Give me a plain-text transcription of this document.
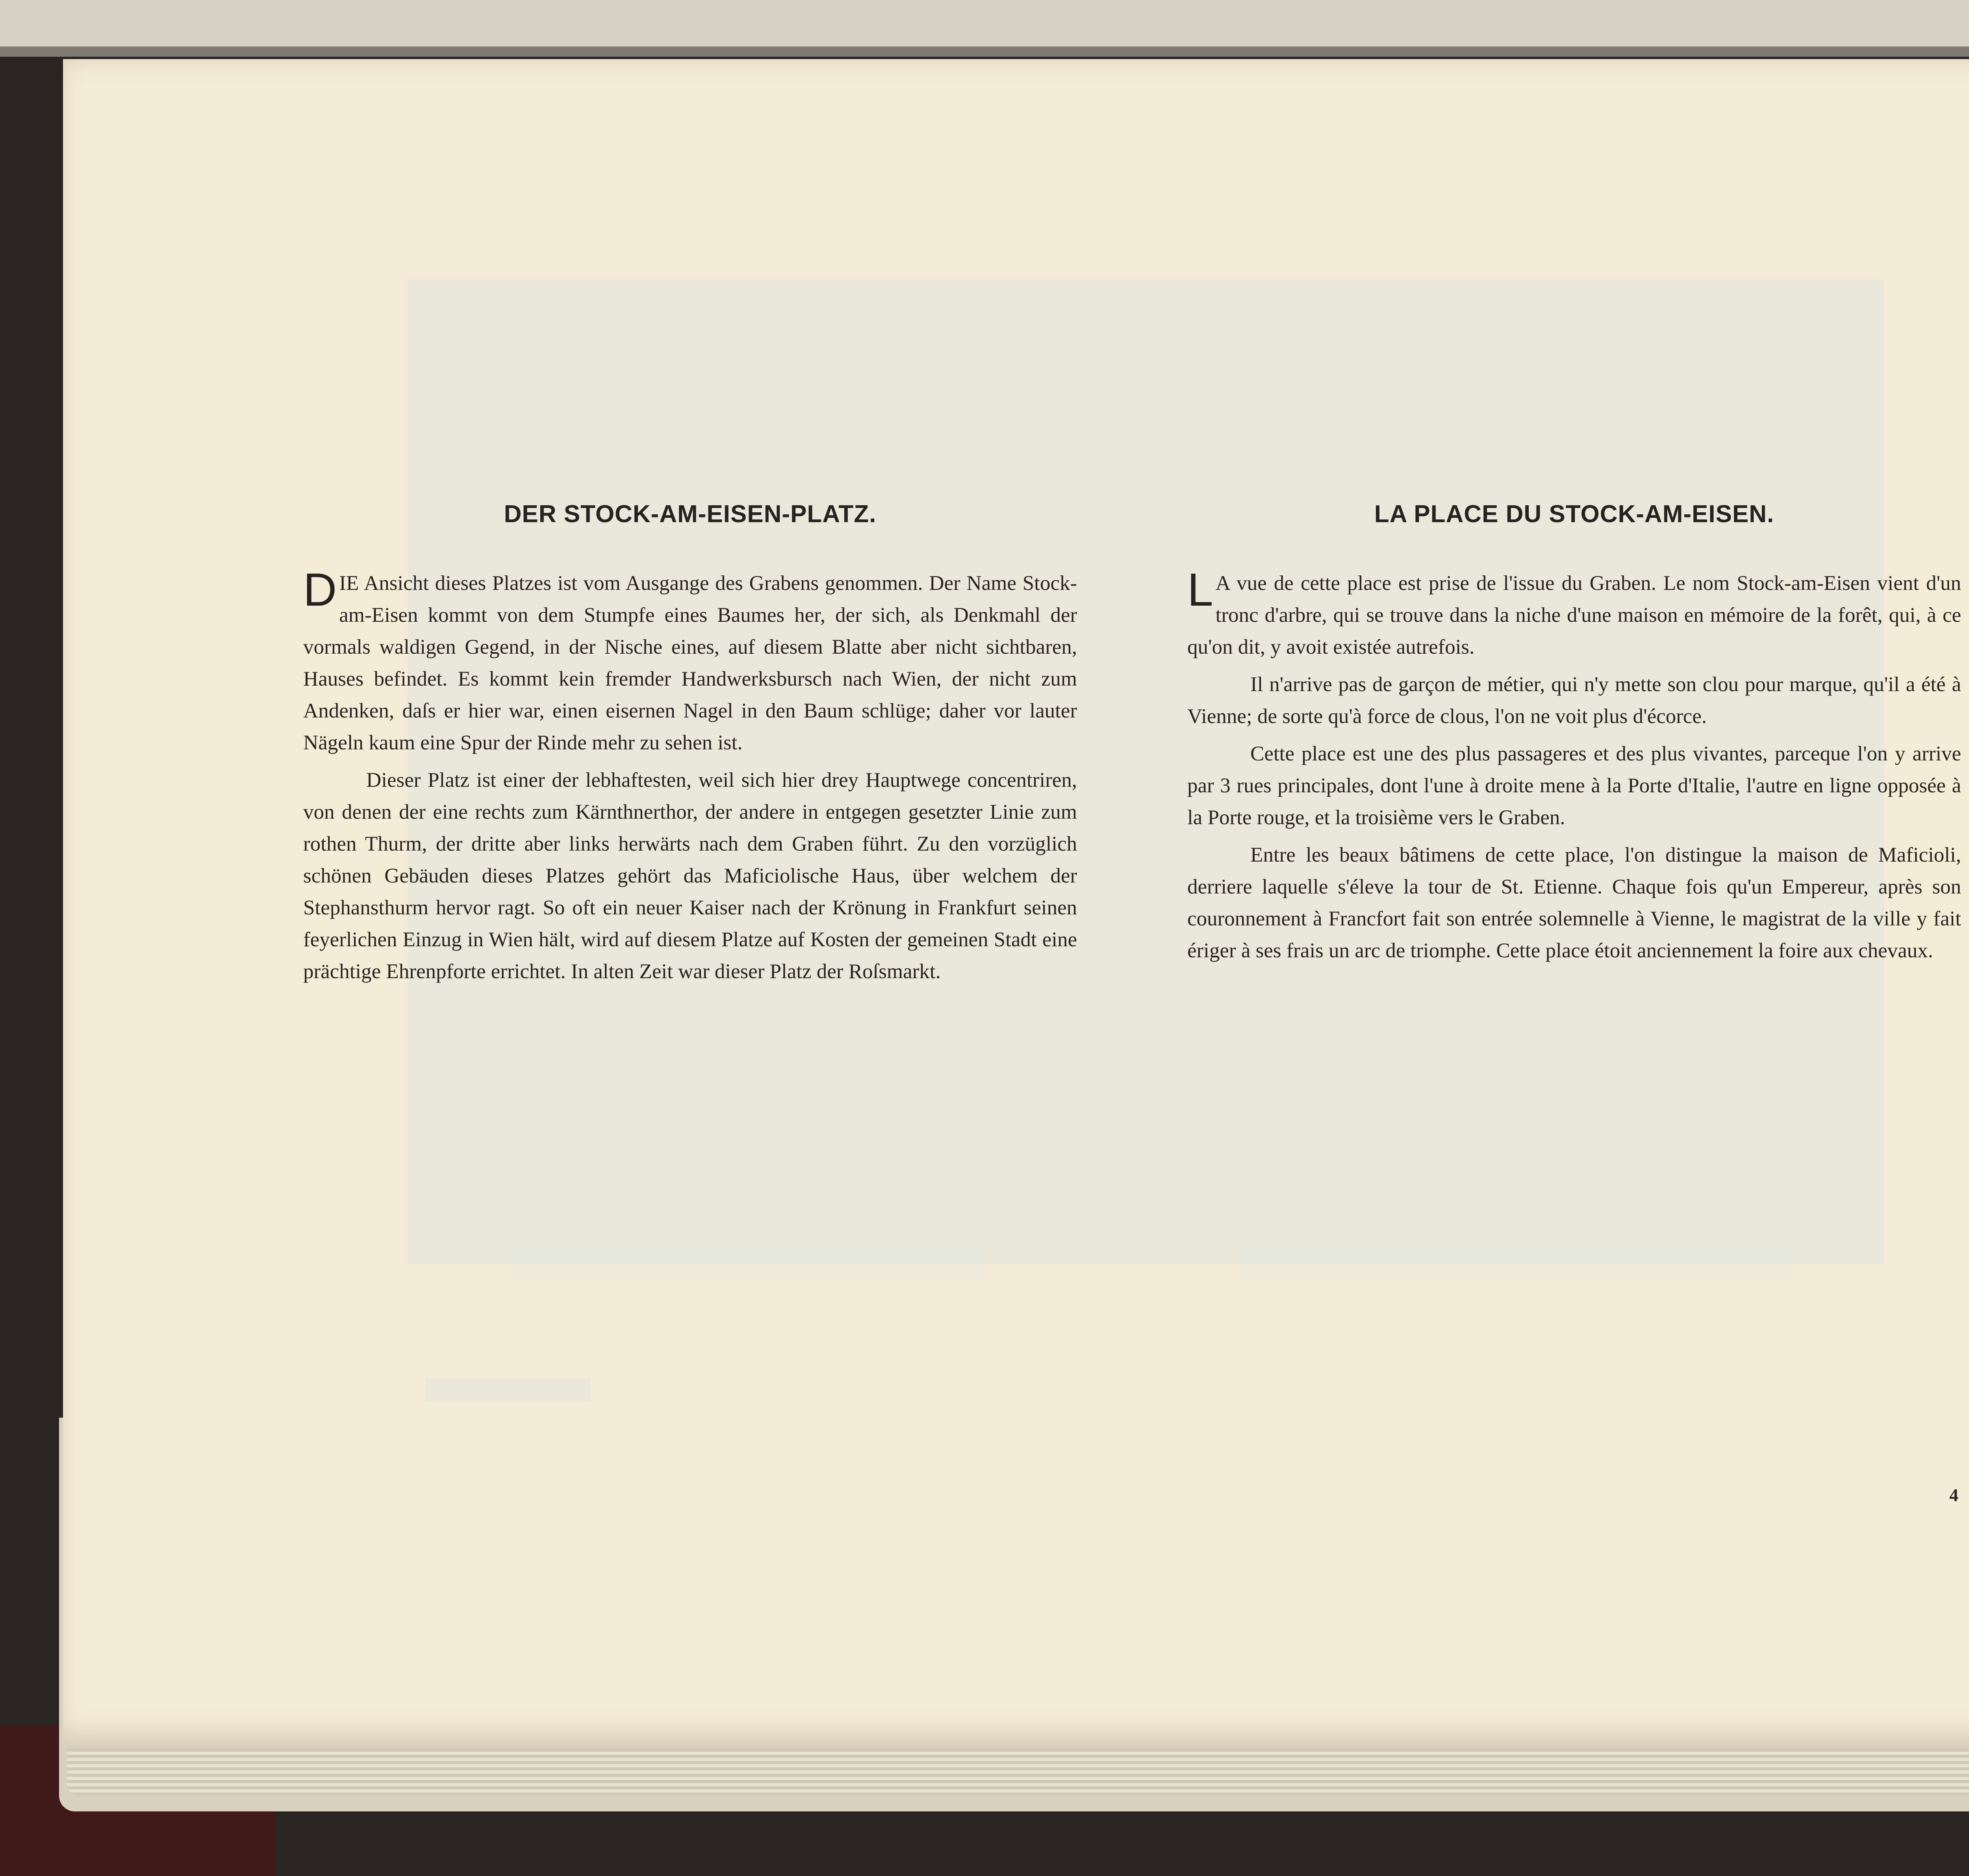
DER STOCK-AM-EISEN-PLATZ.

DIE Ansicht dieses Platzes ist vom Ausgange des Grabens genommen. Der Name Stock-am-Eisen kommt von dem Stumpfe eines Baumes her, der sich, als Denkmahl der vormals waldigen Gegend, in der Nische eines, auf diesem Blatte aber nicht sichtbaren, Hauses befindet. Es kommt kein fremder Handwerksbursch nach Wien, der nicht zum Andenken, daſs er hier war, einen eisernen Nagel in den Baum schlüge; daher vor lauter Nägeln kaum eine Spur der Rinde mehr zu sehen ist.

Dieser Platz ist einer der lebhaftesten, weil sich hier drey Hauptwege concentriren, von denen der eine rechts zum Kärnthnerthor, der andere in entgegen gesetzter Linie zum rothen Thurm, der dritte aber links herwärts nach dem Graben führt. Zu den vorzüglich schönen Gebäuden dieses Platzes gehört das Maficiolische Haus, über welchem der Stephansthurm hervor ragt. So oft ein neuer Kaiser nach der Krönung in Frankfurt seinen feyerlichen Einzug in Wien hält, wird auf diesem Platze auf Kosten der gemeinen Stadt eine prächtige Ehrenpforte errichtet. In alten Zeit war dieser Platz der Roſsmarkt.

LA PLACE DU STOCK-AM-EISEN.

L A vue de cette place est prise de l'issue du Graben. Le nom Stock-am-Eisen vient d'un tronc d'arbre, qui se trouve dans la niche d'une maison en mémoire de la forêt, qui, à ce qu'on dit, y avoit existée autrefois.

Il n'arrive pas de garçon de métier, qui n'y mette son clou pour marque, qu'il a été à Vienne; de sorte qu'à force de clous, l'on ne voit plus d'écorce.

Cette place est une des plus passageres et des plus vivantes, parceque l'on y arrive par 3 rues principales, dont l'une à droite mene à la Porte d'Italie, l'autre en ligne opposée à la Porte rouge, et la troisième vers le Graben.

Entre les beaux bâtimens de cette place, l'on distingue la maison de Maficioli, derriere laquelle s'éleve la tour de St. Etienne. Chaque fois qu'un Empereur, après son couronnement à Francfort fait son entrée solemnelle à Vienne, le magistrat de la ville y fait ériger à ses frais un arc de triomphe. Cette place étoit anciennement la foire aux chevaux.

4
